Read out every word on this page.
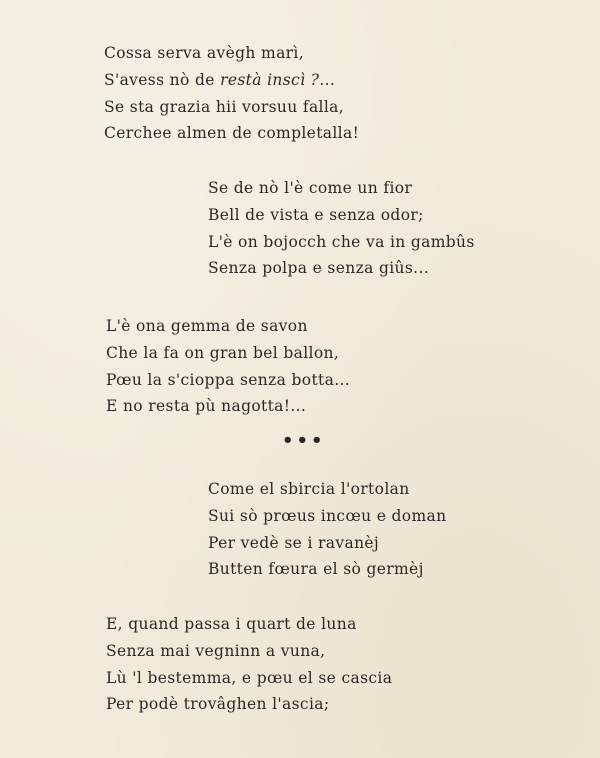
Cossa serva avègh marì,
S'avess nò de restà inscì ?...
Se sta grazia hii vorsuu falla,
Cerchee almen de completalla!
Se de nò l'è come un fior
Bell de vista e senza odor;
L'è on bojocch che va in gambûs
Senza polpa e senza giûs...
L'è ona gemma de savon
Che la fa on gran bel ballon,
Pœu la s'cioppa senza botta...
E no resta pù nagotta!...
•••
Come el sbircia l'ortolan
Sui sò prœus incœu e doman
Per vedè se i ravanèj
Butten fœura el sò germèj
E, quand passa i quart de luna
Senza mai vegninn a vuna,
Lù 'l bestemma, e pœu el se cascia
Per podè trovâghen l'ascia;
